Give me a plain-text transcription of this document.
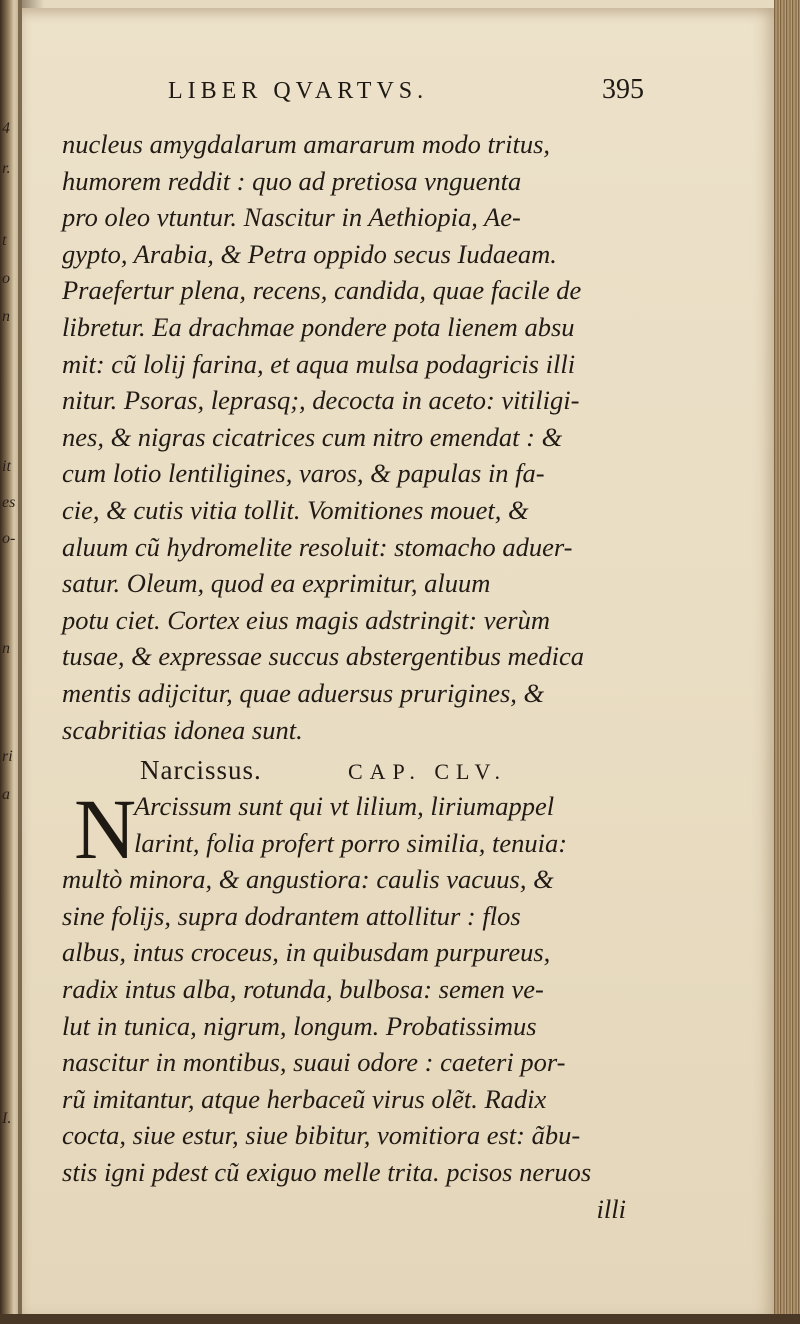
4
r.
t
o
n
it
es
o-
n
ri
a
I.
LIBER QVARTVS.	395
nucleus amygdalarum amararum modo tritus,
humorem reddit : quo ad pretiosa vnguenta
pro oleo vtuntur. Nascitur in Aethiopia, Ae-
gypto, Arabia, & Petra oppido secus Iudaeam.
Praefertur plena, recens, candida, quae facile de
libretur. Ea drachmae pondere pota lienem absu
mit: cũ lolij farina, et aqua mulsa podagricis illi
nitur. Psoras, leprasq;, decocta in aceto: vitiligi-
nes, & nigras cicatrices cum nitro emendat : &
cum lotio lentiligines, varos, & papulas in fa-
cie, & cutis vitia tollit. Vomitiones mouet, &
aluum cũ hydromelite resoluit: stomacho aduer-
satur. Oleum, quod ea exprimitur, aluum
potu ciet. Cortex eius magis adstringit: verùm
tusae, & expressae succus abstergentibus medica
mentis adijcitur, quae aduersus prurigines, &
scabritias idonea sunt.
Narcissus.	CAP. CLV.
N
Arcissum sunt qui vt lilium, liriumappel
larint, folia profert porro similia, tenuia:
multò minora, & angustiora: caulis vacuus, &
sine folijs, supra dodrantem attollitur : flos
albus, intus croceus, in quibusdam purpureus,
radix intus alba, rotunda, bulbosa: semen ve-
lut in tunica, nigrum, longum. Probatissimus
nascitur in montibus, suaui odore : caeteri por-
rũ imitantur, atque herbaceũ virus olẽt. Radix
cocta, siue estur, siue bibitur, vomitiora est: ãbu-
stis igni pdest cũ exiguo melle trita. pcisos neruos
illi
